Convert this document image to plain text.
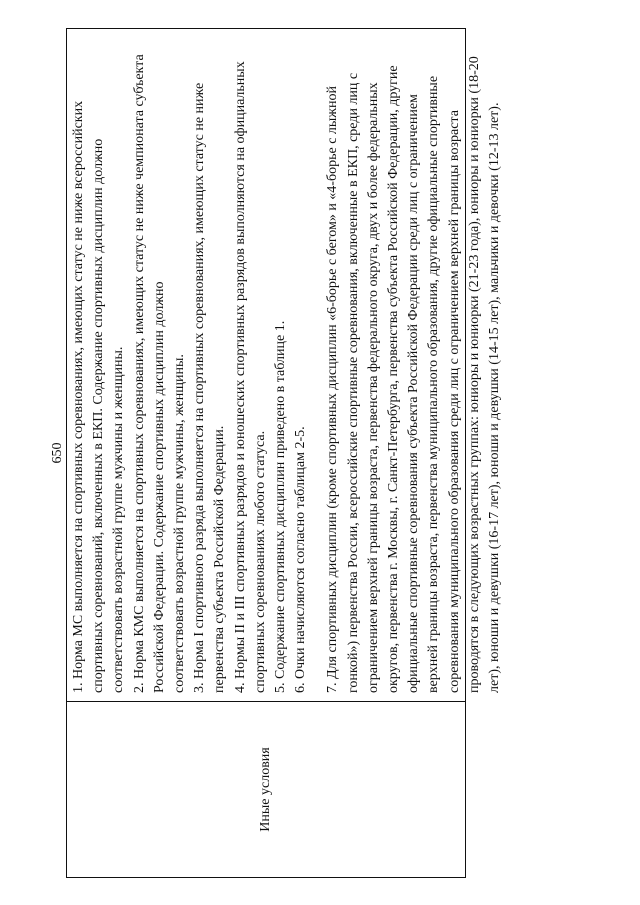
650
Иные условия
1. Норма МС выполняется на спортивных соревнованиях, имеющих статус не ниже всероссийских спортивных соревнований, включенных в ЕКП. Содержание спортивных дисциплин должно соответствовать возрастной группе мужчины и женщины. 2. Норма КМС выполняется на спортивных соревнованиях, имеющих статус не ниже чемпионата субъекта Российской Федерации. Содержание спортивных дисциплин должно соответствовать возрастной группе мужчины, женщины. 3. Норма I спортивного разряда выполняется на спортивных соревнованиях, имеющих статус не ниже первенства субъекта Российской Федерации. 4. Нормы II и III спортивных разрядов и юношеских спортивных разрядов выполняются на официальных спортивных соревнованиях любого статуса. 5. Содержание спортивных дисциплин приведено в таблице 1. 6. Очки начисляются согласно таблицам 2-5. 7. Для спортивных дисциплин (кроме спортивных дисциплин «6-борье с бегом» и «4-борье с лыжной гонкой») первенства России, всероссийские спортивные соревнования, включенные в ЕКП, среди лиц с ограничением верхней границы возраста, первенства федерального округа, двух и более федеральных округов, первенства г. Москвы, г. Санкт-Петербурга, первенства субъекта Российской Федерации, другие официальные спортивные соревнования субъекта Российской Федерации среди лиц с ограничением верхней границы возраста, первенства муниципального образования, другие официальные спортивные соревнования муниципального образования среди лиц с ограничением верхней границы возраста проводятся в следующих возрастных группах: юниоры и юниорки (21-23 года), юниоры и юниорки (18-20 лет), юноши и девушки (16-17 лет), юноши и девушки (14-15 лет), мальчики и девочки (12-13 лет).
